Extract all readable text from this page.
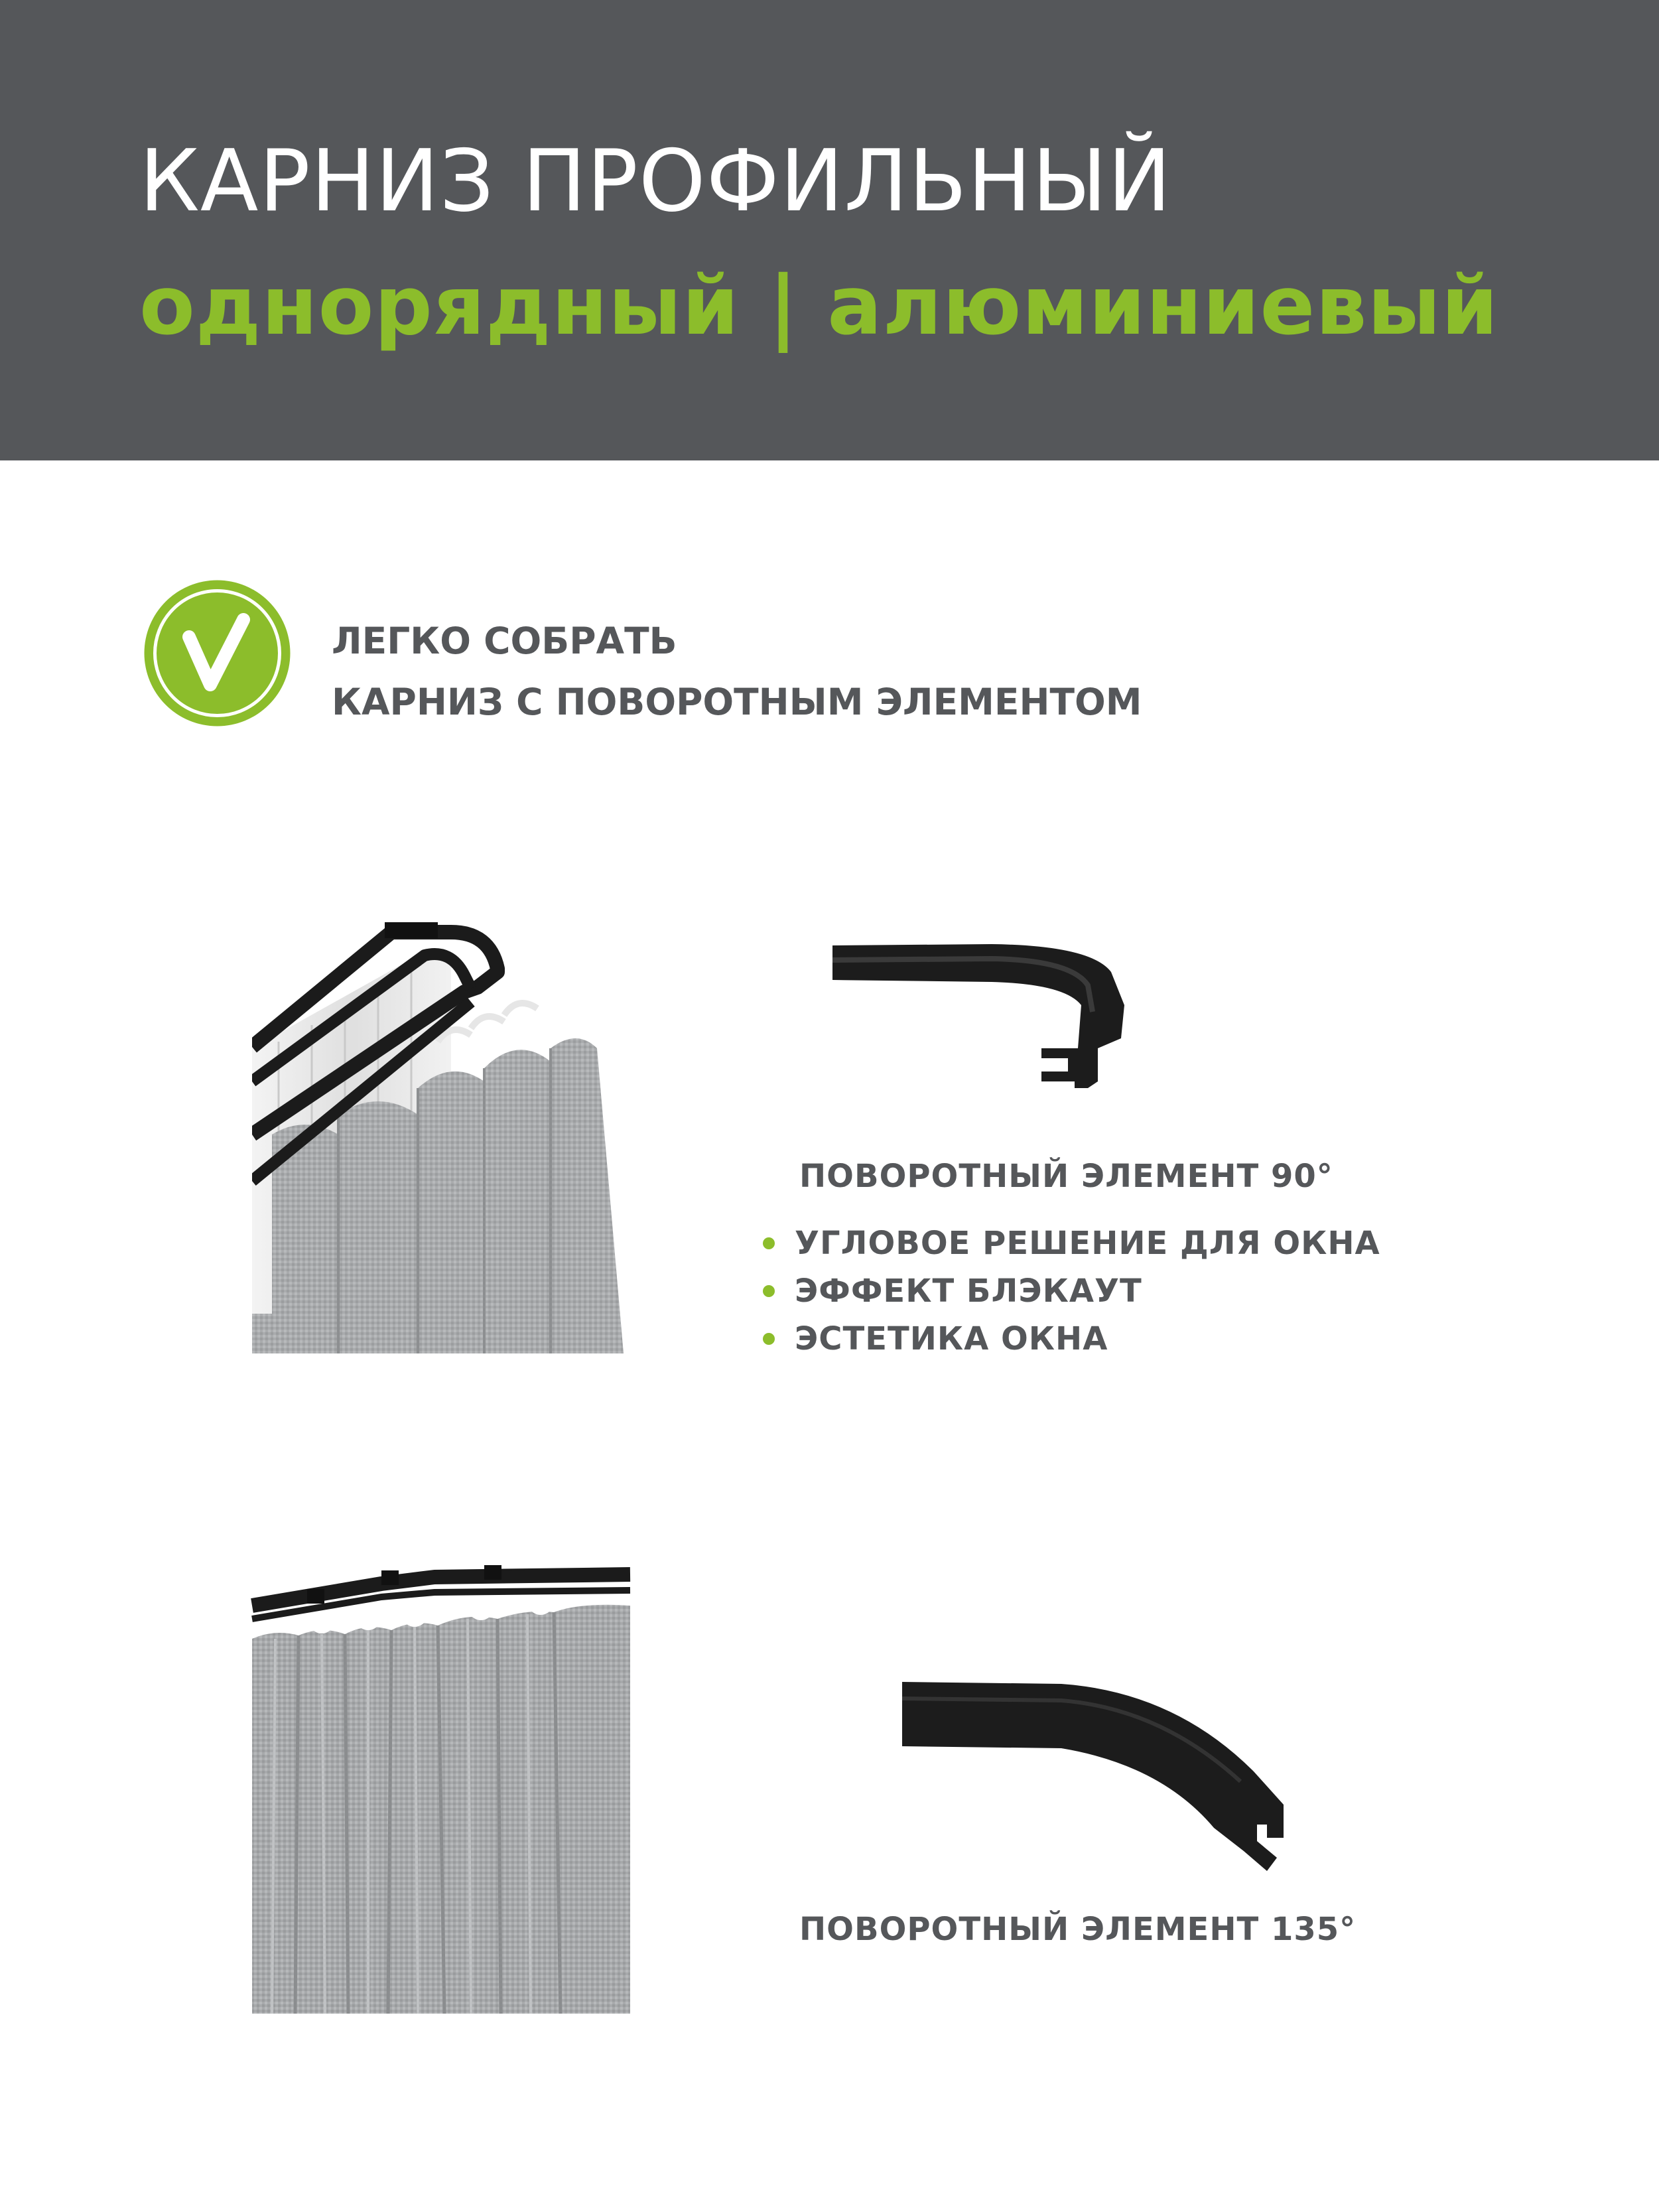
КАРНИЗ ПРОФИЛЬНЫЙ
однорядный | алюминиевый
ЛЕГКО СОБРАТЬ
КАРНИЗ С ПОВОРОТНЫМ ЭЛЕМЕНТОМ
ПОВОРОТНЫЙ ЭЛЕМЕНТ 90°
УГЛОВОЕ РЕШЕНИЕ ДЛЯ ОКНА
ЭФФЕКТ БЛЭКАУТ
ЭСТЕТИКА ОКНА
ПОВОРОТНЫЙ ЭЛЕМЕНТ 135°
